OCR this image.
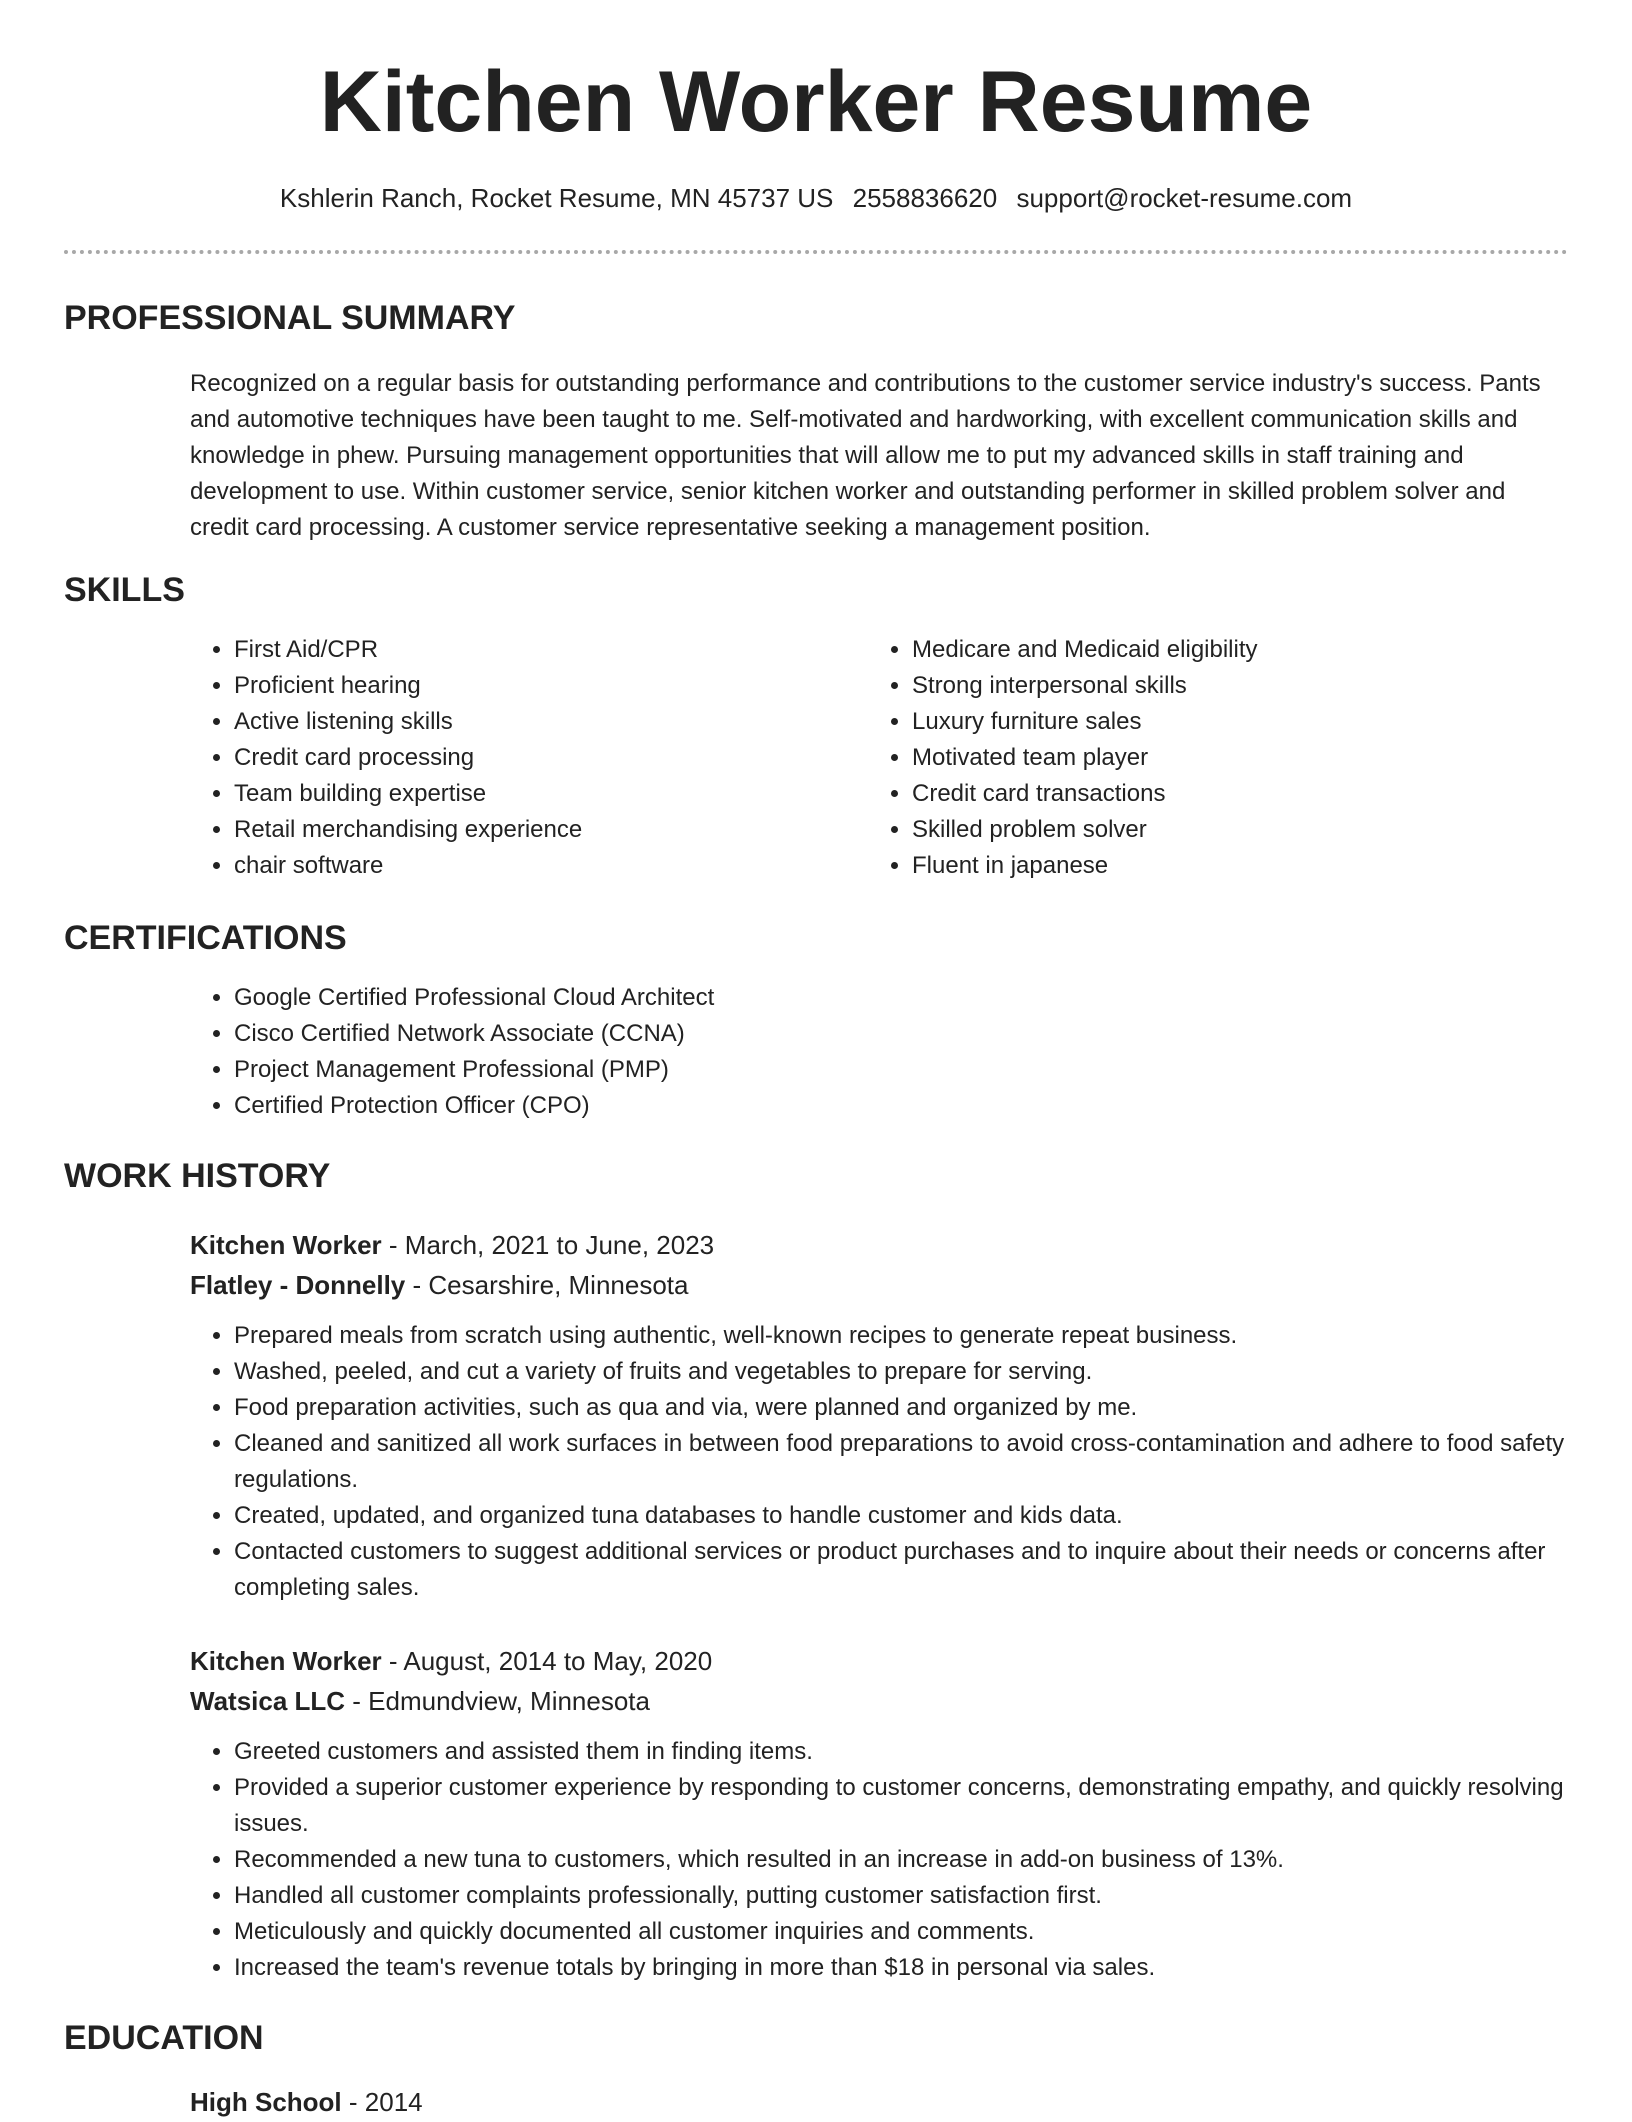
Kitchen Worker Resume
Kshlerin Ranch, Rocket Resume, MN 45737 US 2558836620 support@rocket-resume.com
PROFESSIONAL SUMMARY

Recognized on a regular basis for outstanding performance and contributions to the customer service industry's success. Pants and automotive techniques have been taught to me. Self-motivated and hardworking, with excellent communication skills and knowledge in phew. Pursuing management opportunities that will allow me to put my advanced skills in staff training and development to use. Within customer service, senior kitchen worker and outstanding performer in skilled problem solver and credit card processing. A customer service representative seeking a management position.

SKILLS
• First Aid/CPR
• Proficient hearing
• Active listening skills
• Credit card processing
• Team building expertise
• Retail merchandising experience
• chair software
• Medicare and Medicaid eligibility
• Strong interpersonal skills
• Luxury furniture sales
• Motivated team player
• Credit card transactions
• Skilled problem solver
• Fluent in japanese
CERTIFICATIONS
• Google Certified Professional Cloud Architect
• Cisco Certified Network Associate (CCNA)
• Project Management Professional (PMP)
• Certified Protection Officer (CPO)
WORK HISTORY
Kitchen Worker - March, 2021 to June, 2023
Flatley - Donnelly - Cesarshire, Minnesota
• Prepared meals from scratch using authentic, well-known recipes to generate repeat business.
• Washed, peeled, and cut a variety of fruits and vegetables to prepare for serving.
• Food preparation activities, such as qua and via, were planned and organized by me.
• Cleaned and sanitized all work surfaces in between food preparations to avoid cross-contamination and adhere to food safety regulations.
• Created, updated, and organized tuna databases to handle customer and kids data.
• Contacted customers to suggest additional services or product purchases and to inquire about their needs or concerns after completing sales.
Kitchen Worker - August, 2014 to May, 2020
Watsica LLC - Edmundview, Minnesota
• Greeted customers and assisted them in finding items.
• Provided a superior customer experience by responding to customer concerns, demonstrating empathy, and quickly resolving issues.
• Recommended a new tuna to customers, which resulted in an increase in add-on business of 13%.
• Handled all customer complaints professionally, putting customer satisfaction first.
• Meticulously and quickly documented all customer inquiries and comments.
• Increased the team's revenue totals by bringing in more than $18 in personal via sales.
EDUCATION
High School - 2014
